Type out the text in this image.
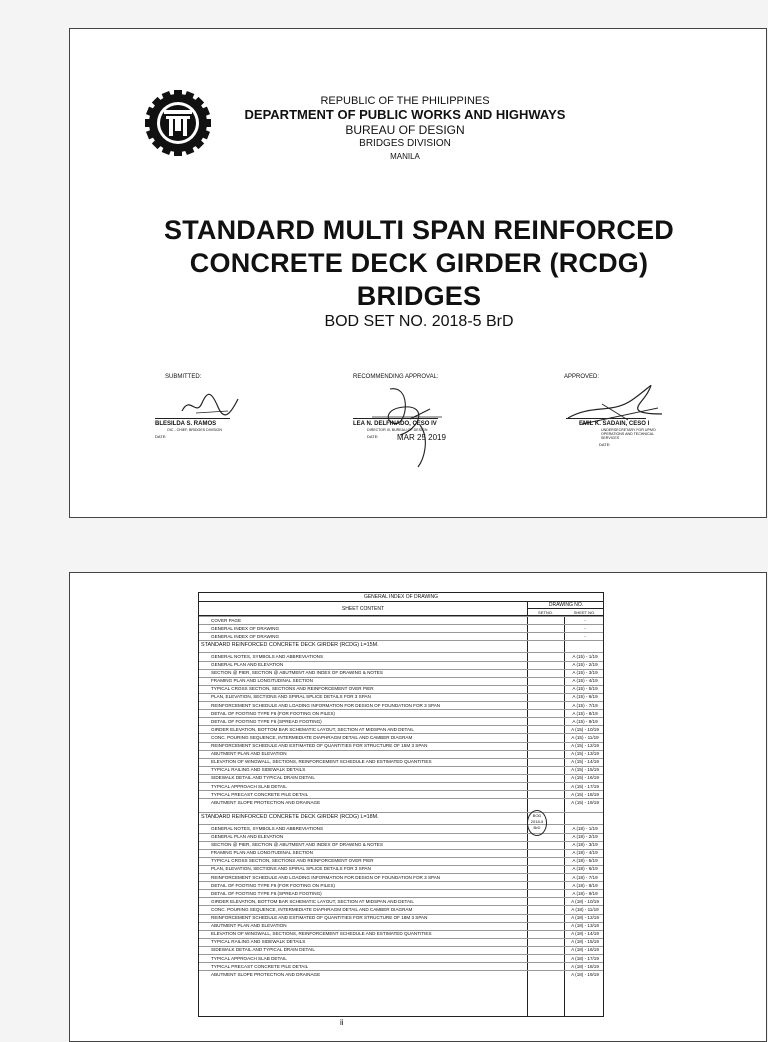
REPUBLIC OF THE PHILIPPINES
DEPARTMENT OF PUBLIC WORKS AND HIGHWAYS
BUREAU OF DESIGN
BRIDGES DIVISION
MANILA
STANDARD MULTI SPAN REINFORCED
CONCRETE DECK GIRDER (RCDG)
BRIDGES
BOD SET NO. 2018-5 BrD
SUBMITTED:	RECOMMENDING APPROVAL:	APPROVED:
BLESILDA S. RAMOS
OIC - CHIEF, BRIDGES DIVISION
DATE:
LEA N. DELFINADO, CESO IV
DIRECTOR III, BUREAU OF DESIGN
DATE: MAR 25 2019
EMIL K. SADAIN, CESO I
UNDERSECRETARY FOR UPMO OPERATIONS AND TECHNICAL SERVICES
DATE:
GENERAL INDEX OF DRAWING
SHEET CONTENT
DRAWING NO.
SETNO.	SHEET NO.
COVER PAGE	-
GENERAL INDEX OF DRAWING	-
GENERAL INDEX OF DRAWING	-
STANDARD REINFORCED CONCRETE DECK GIRDER (RCDG) L=15M.
GENERAL NOTES, SYMBOLS AND ABBREVIATIONS	A (15) - 1/19
GENERAL PLAN AND ELEVATION	A (15) - 2/19
SECTION @ PIER, SECTION @ ABUTMENT AND INDEX OF DRAWING & NOTES	A (15) - 3/19
FRAMING PLAN AND LONGITUDINAL SECTION	A (15) - 4/19
TYPICAL CROSS SECTION, SECTIONS AND REINFORCEMENT OVER PIER	A (15) - 5/19
PLAN, ELEVATION, SECTIONS AND SPIRAL SPLICE DETAILS FOR 3 SPAN	A (15) - 6/19
REINFORCEMENT SCHEDULE AND LOADING INFORMATION FOR DESIGN OF FOUNDATION FOR 3 SPAN	A (15) - 7/19
DETAIL OF FOOTING TYPE F6 (FOR FOOTING ON PILES)	A (15) - 8/19
DETAIL OF FOOTING TYPE F6 (SPREAD FOOTING)	A (15) - 9/19
GIRDER ELEVATION, BOTTOM BAR SCHEMATIC LAYOUT, SECTION AT MIDSPAN AND DETAIL	A (15) - 10/19
CONC. POURING SEQUENCE, INTERMEDIATE DIAPHRAGM DETAIL AND CAMBER DIAGRAM	A (15) - 11/19
REINFORCEMENT SCHEDULE AND ESTIMATED OF QUANTITIES FOR STRUCTURE OF 15M 3 SPAN	A (15) - 12/19
ABUTMENT PLAN AND ELEVATION	A (15) - 13/19
ELEVATION OF WINGWALL, SECTIONS, REINFORCEMENT SCHEDULE AND ESTIMATED QUANTITIES	A (15) - 14/19
TYPICAL RAILING AND SIDEWALK DETAILS	A (15) - 15/19
SIDEWALK DETAIL AND TYPICAL DRAIN DETAIL	A (15) - 16/19
TYPICAL APPROACH SLAB DETAIL	A (15) - 17/19
TYPICAL PRECAST CONCRETE PILE DETAIL	A (15) - 18/19
ABUTMENT SLOPE PROTECTION AND DRAINAGE	A (15) - 19/19
STANDARD REINFORCED CONCRETE DECK GIRDER (RCDG) L=18M.
GENERAL NOTES, SYMBOLS AND ABBREVIATIONS	A (18) - 1/19
GENERAL PLAN AND ELEVATION	A (18) - 2/19
SECTION @ PIER, SECTION @ ABUTMENT AND INDEX OF DRAWING & NOTES	A (18) - 3/19
FRAMING PLAN AND LONGITUDINAL SECTION	A (18) - 4/19
TYPICAL CROSS SECTION, SECTIONS AND REINFORCEMENT OVER PIER	A (18) - 5/19
PLAN, ELEVATION, SECTIONS AND SPIRAL SPLICE DETAILS FOR 3 SPAN	A (18) - 6/19
REINFORCEMENT SCHEDULE AND LOADING INFORMATION FOR DESIGN OF FOUNDATION FOR 3 SPAN	A (18) - 7/19
DETAIL OF FOOTING TYPE F6 (FOR FOOTING ON PILES)	A (18) - 8/19
DETAIL OF FOOTING TYPE F6 (SPREAD FOOTING)	A (18) - 9/19
GIRDER ELEVATION, BOTTOM BAR SCHEMATIC LAYOUT, SECTION AT MIDSPAN AND DETAIL	A (18) - 10/19
CONC. POURING SEQUENCE, INTERMEDIATE DIAPHRAGM DETAIL AND CAMBER DIAGRAM	A (18) - 11/19
REINFORCEMENT SCHEDULE AND ESTIMATED OF QUANTITIES FOR STRUCTURE OF 18M 3 SPAN	A (18) - 12/19
ABUTMENT PLAN AND ELEVATION	A (18) - 13/19
ELEVATION OF WINGWALL, SECTIONS, REINFORCEMENT SCHEDULE AND ESTIMATED QUANTITIES	A (18) - 14/19
TYPICAL RAILING AND SIDEWALK DETAILS	A (18) - 15/19
SIDEWALK DETAIL AND TYPICAL DRAIN DETAIL	A (18) - 16/19
TYPICAL APPROACH SLAB DETAIL	A (18) - 17/19
TYPICAL PRECAST CONCRETE PILE DETAIL	A (18) - 18/19
ABUTMENT SLOPE PROTECTION AND DRAINAGE	A (18) - 19/19
BOD 2018-5 BrD
ii
